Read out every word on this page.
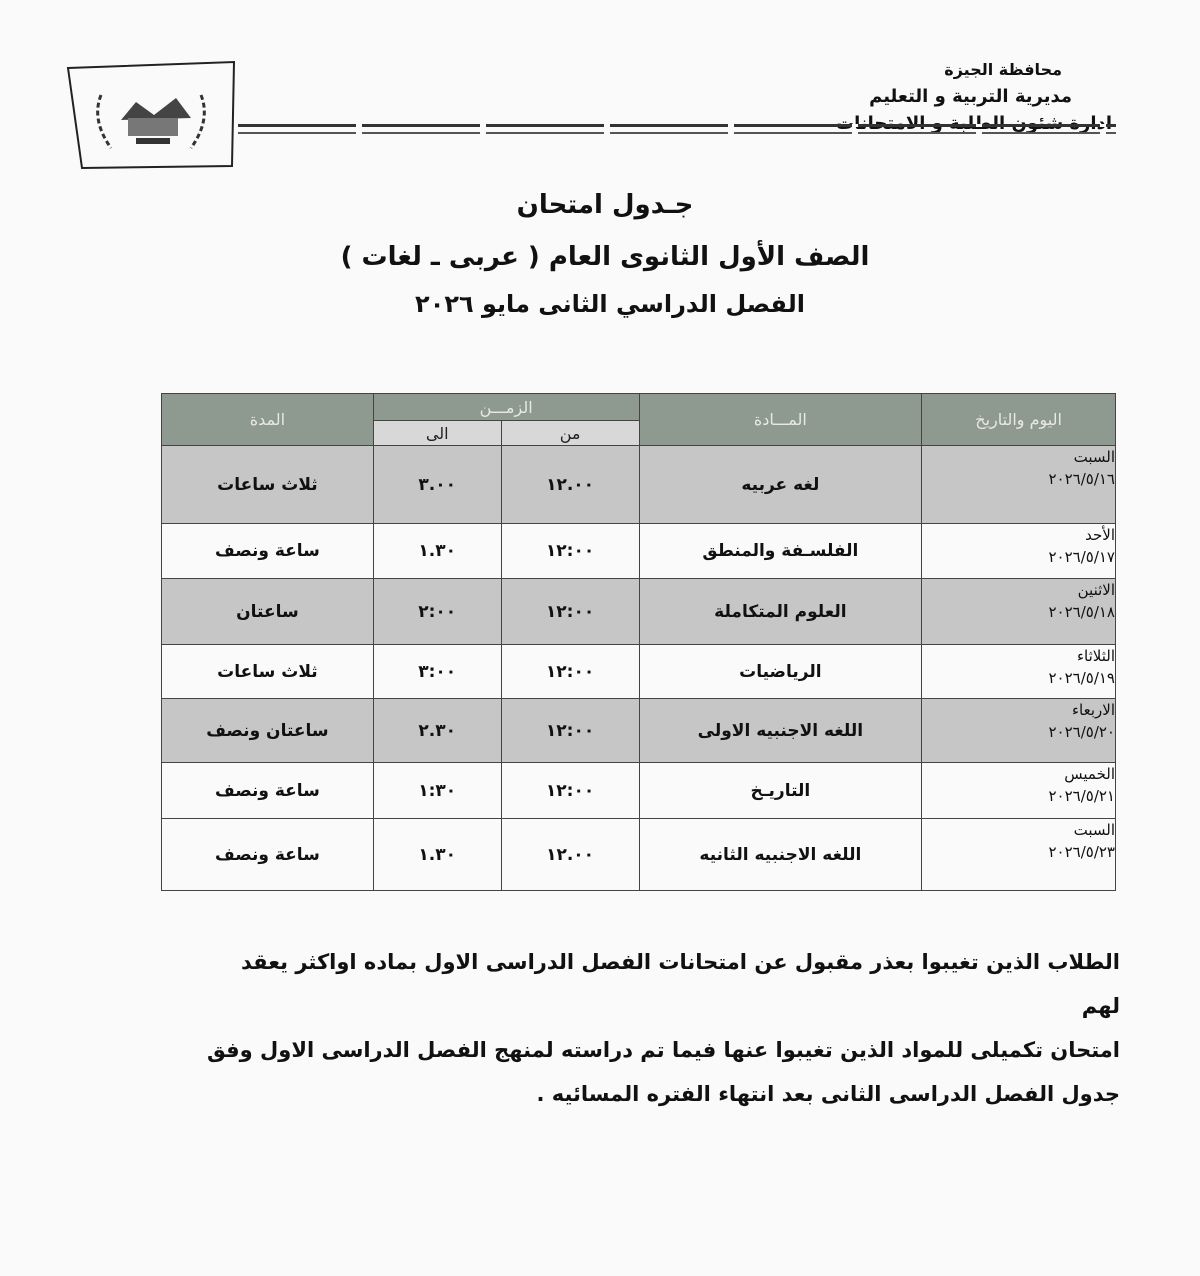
محافظة الجيزة
مديرية التربية و التعليم
جـدول امتحان
الصف الأول الثانوى العام ( عربى ـ لغات )
الفصل الدراسي الثانى مايو ٢٠٢٦
اليوم والتاريخ	المـــادة	الزمـــن		المدة
		من	الى	

السبت
٢٠٢٦/٥/١٦	لغه عربيه	١٢.٠٠	٣.٠٠	ثلاث ساعات

الأحد
٢٠٢٦/٥/١٧	الفلسـفة والمنطق	١٢:٠٠	١.٣٠	ساعة ونصف

الاثنين
٢٠٢٦/٥/١٨	العلوم المتكاملة	١٢:٠٠	٢:٠٠	ساعتان

الثلاثاء
٢٠٢٦/٥/١٩	الرياضيات	١٢:٠٠	٣:٠٠	ثلاث ساعات

الاربعاء
٢٠٢٦/٥/٢٠	اللغه الاجنبيه الاولى	١٢:٠٠	٢.٣٠	ساعتان ونصف

الخميس
٢٠٢٦/٥/٢١	التاريـخ	١٢:٠٠	١:٣٠	ساعة ونصف

السبت
٢٠٢٦/٥/٢٣	اللغه الاجنبيه الثانيه	١٢.٠٠	١.٣٠	ساعة ونصف
الطلاب الذين تغيبوا بعذر مقبول عن امتحانات الفصل الدراسى الاول بماده اواكثر يعقد لهم
امتحان تكميلى للمواد الذين تغيبوا عنها فيما تم دراسته لمنهج الفصل الدراسى الاول وفق
جدول الفصل الدراسى الثانى بعد انتهاء الفتره المسائيه .
